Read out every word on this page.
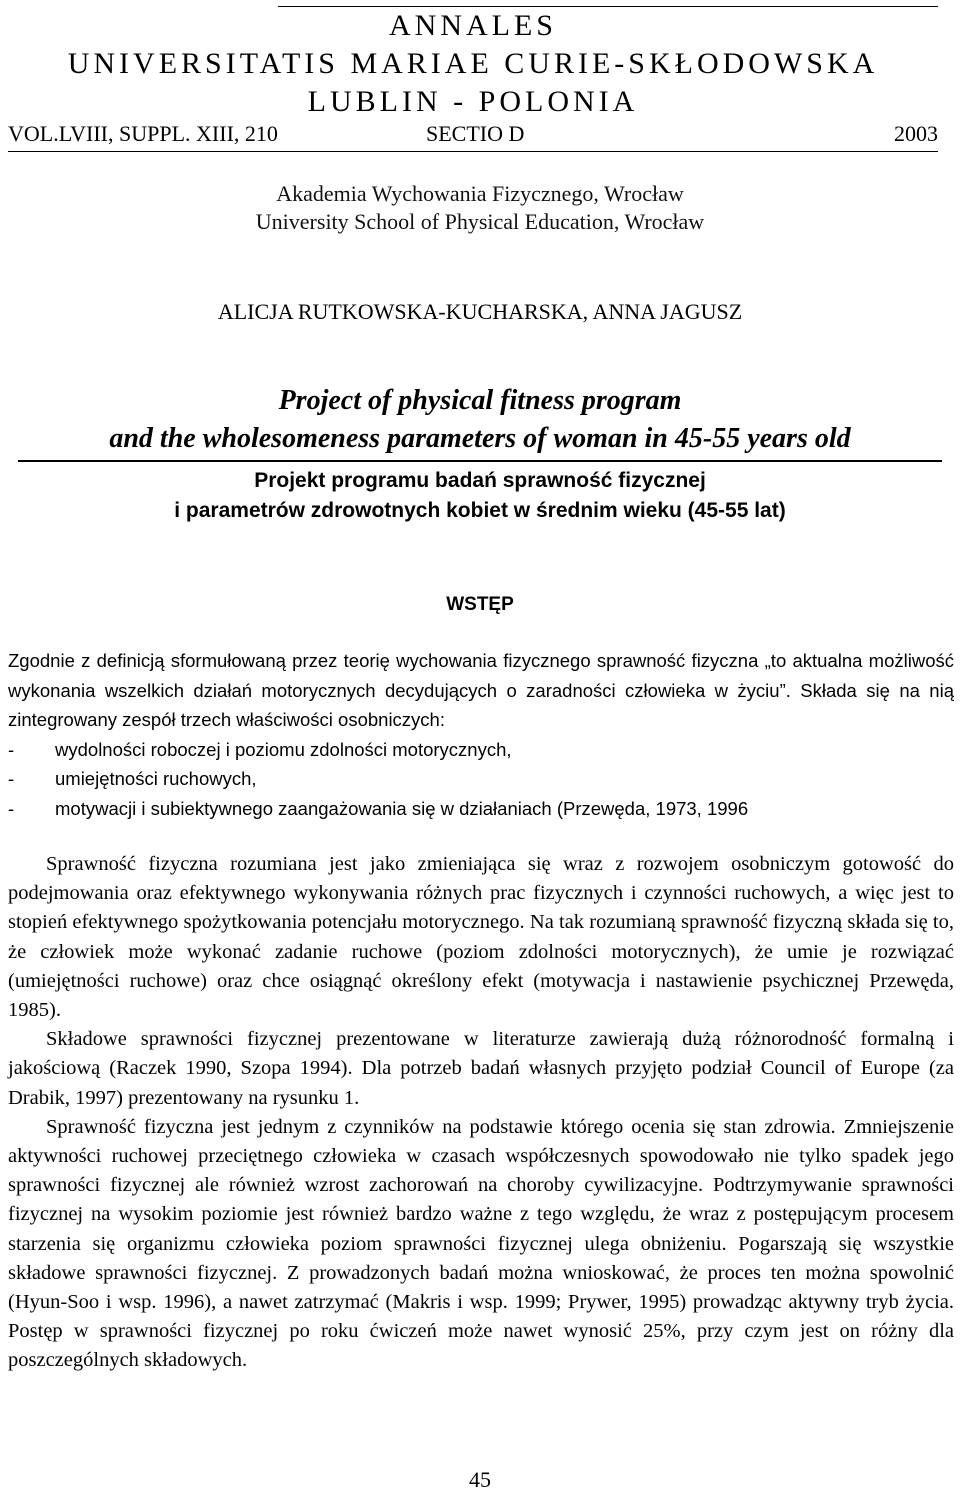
ANNALES
UNIVERSITATIS MARIAE CURIE-SKŁODOWSKA
LUBLIN - POLONIA
VOL.LVIII, SUPPL. XIII, 210	SECTIO D	2003
Akademia Wychowania Fizycznego, Wrocław
University School of Physical Education, Wrocław
ALICJA RUTKOWSKA-KUCHARSKA, ANNA JAGUSZ
Project of physical fitness program
and the wholesomeness parameters of woman in 45-55 years old
Projekt programu badań sprawność fizycznej
i parametrów zdrowotnych kobiet w średnim wieku (45-55 lat)
WSTĘP

Zgodnie z definicją sformułowaną przez teorię wychowania fizycznego sprawność fizyczna „to aktualna możliwość wykonania wszelkich działań motorycznych decydujących o zaradności człowieka w życiu”. Składa się na nią zintegrowany zespół trzech właściwości osobniczych:

- wydolności roboczej i poziomu zdolności motorycznych,
- umiejętności ruchowych,
- motywacji i subiektywnego zaangażowania się w działaniach (Przewęda, 1973, 1996

Sprawność fizyczna rozumiana jest jako zmieniająca się wraz z rozwojem osobniczym gotowość do podejmowania oraz efektywnego wykonywania różnych prac fizycznych i czynności ruchowych, a więc jest to stopień efektywnego spożytkowania potencjału motorycznego. Na tak rozumianą sprawność fizyczną składa się to, że człowiek może wykonać zadanie ruchowe (poziom zdolności motorycznych), że umie je rozwiązać (umiejętności ruchowe) oraz chce osiągnąć określony efekt (motywacja i nastawienie psychicznej Przewęda, 1985).

Składowe sprawności fizycznej prezentowane w literaturze zawierają dużą różnorodność formalną i jakościową (Raczek 1990, Szopa 1994). Dla potrzeb badań własnych przyjęto podział Council of Europe (za Drabik, 1997) prezentowany na rysunku 1.

Sprawność fizyczna jest jednym z czynników na podstawie którego ocenia się stan zdrowia. Zmniejszenie aktywności ruchowej przeciętnego człowieka w czasach współczesnych spowodowało nie tylko spadek jego sprawności fizycznej ale również wzrost zachorowań na choroby cywilizacyjne. Podtrzymywanie sprawności fizycznej na wysokim poziomie jest również bardzo ważne z tego względu, że wraz z postępującym procesem starzenia się organizmu człowieka poziom sprawności fizycznej ulega obniżeniu. Pogarszają się wszystkie składowe sprawności fizycznej. Z prowadzonych badań można wnioskować, że proces ten można spowolnić (Hyun-Soo i wsp. 1996), a nawet zatrzymać (Makris i wsp. 1999; Prywer, 1995) prowadząc aktywny tryb życia. Postęp w sprawności fizycznej po roku ćwiczeń może nawet wynosić 25%, przy czym jest on różny dla poszczególnych składowych.

45
